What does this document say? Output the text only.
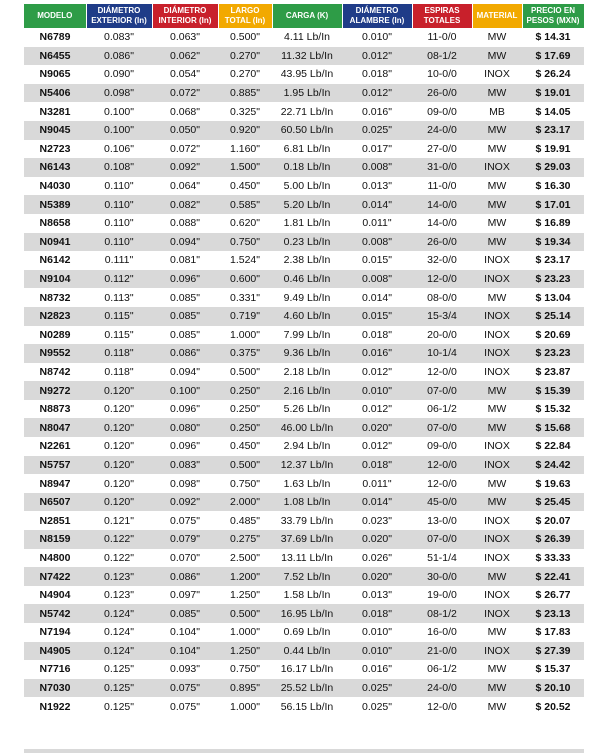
MODELO	DIÁMETRO EXTERIOR (In)	DIÁMETRO INTERIOR (In)	LARGO TOTAL (In)	CARGA (K)	DIÁMETRO ALAMBRE (In)	ESPIRAS TOTALES	MATERIAL	PRECIO EN PESOS (MXN)
N6789	0.083"	0.063"	0.500"	4.11 Lb/In	0.010"	11-0/0	MW	$ 14.31
N6455	0.086"	0.062"	0.270"	11.32 Lb/In	0.012"	08-1/2	MW	$ 17.69
N9065	0.090"	0.054"	0.270"	43.95 Lb/In	0.018"	10-0/0	INOX	$ 26.24
N5406	0.098"	0.072"	0.885"	1.95 Lb/In	0.012"	26-0/0	MW	$ 19.01
N3281	0.100"	0.068"	0.325"	22.71 Lb/In	0.016"	09-0/0	MB	$ 14.05
N9045	0.100"	0.050"	0.920"	60.50 Lb/In	0.025"	24-0/0	MW	$ 23.17
N2723	0.106"	0.072"	1.160"	6.81 Lb/In	0.017"	27-0/0	MW	$ 19.91
N6143	0.108"	0.092"	1.500"	0.18 Lb/In	0.008"	31-0/0	INOX	$ 29.03
N4030	0.110"	0.064"	0.450"	5.00 Lb/In	0.013"	11-0/0	MW	$ 16.30
N5389	0.110"	0.082"	0.585"	5.20 Lb/In	0.014"	14-0/0	MW	$ 17.01
N8658	0.110"	0.088"	0.620"	1.81 Lb/In	0.011"	14-0/0	MW	$ 16.89
N0941	0.110"	0.094"	0.750"	0.23 Lb/In	0.008"	26-0/0	MW	$ 19.34
N6142	0.111"	0.081"	1.524"	2.38 Lb/In	0.015"	32-0/0	INOX	$ 23.17
N9104	0.112"	0.096"	0.600"	0.46 Lb/In	0.008"	12-0/0	INOX	$ 23.23
N8732	0.113"	0.085"	0.331"	9.49 Lb/In	0.014"	08-0/0	MW	$ 13.04
N2823	0.115"	0.085"	0.719"	4.60 Lb/In	0.015"	15-3/4	INOX	$ 25.14
N0289	0.115"	0.085"	1.000"	7.99 Lb/In	0.018"	20-0/0	INOX	$ 20.69
N9552	0.118"	0.086"	0.375"	9.36 Lb/In	0.016"	10-1/4	INOX	$ 23.23
N8742	0.118"	0.094"	0.500"	2.18 Lb/In	0.012"	12-0/0	INOX	$ 23.87
N9272	0.120"	0.100"	0.250"	2.16 Lb/In	0.010"	07-0/0	MW	$ 15.39
N8873	0.120"	0.096"	0.250"	5.26 Lb/In	0.012"	06-1/2	MW	$ 15.32
N8047	0.120"	0.080"	0.250"	46.00 Lb/In	0.020"	07-0/0	MW	$ 15.68
N2261	0.120"	0.096"	0.450"	2.94 Lb/In	0.012"	09-0/0	INOX	$ 22.84
N5757	0.120"	0.083"	0.500"	12.37 Lb/In	0.018"	12-0/0	INOX	$ 24.42
N8947	0.120"	0.098"	0.750"	1.63 Lb/In	0.011"	12-0/0	MW	$ 19.63
N6507	0.120"	0.092"	2.000"	1.08 Lb/In	0.014"	45-0/0	MW	$ 25.45
N2851	0.121"	0.075"	0.485"	33.79 Lb/In	0.023"	13-0/0	INOX	$ 20.07
N8159	0.122"	0.079"	0.275"	37.69 Lb/In	0.020"	07-0/0	INOX	$ 26.39
N4800	0.122"	0.070"	2.500"	13.11 Lb/In	0.026"	51-1/4	INOX	$ 33.33
N7422	0.123"	0.086"	1.200"	7.52 Lb/In	0.020"	30-0/0	MW	$ 22.41
N4904	0.123"	0.097"	1.250"	1.58 Lb/In	0.013"	19-0/0	INOX	$ 26.77
N5742	0.124"	0.085"	0.500"	16.95 Lb/In	0.018"	08-1/2	INOX	$ 23.13
N7194	0.124"	0.104"	1.000"	0.69 Lb/In	0.010"	16-0/0	MW	$ 17.83
N4905	0.124"	0.104"	1.250"	0.44 Lb/In	0.010"	21-0/0	INOX	$ 27.39
N7716	0.125"	0.093"	0.750"	16.17 Lb/In	0.016"	06-1/2	MW	$ 15.37
N7030	0.125"	0.075"	0.895"	25.52 Lb/In	0.025"	24-0/0	MW	$ 20.10
N1922	0.125"	0.075"	1.000"	56.15 Lb/In	0.025"	12-0/0	MW	$ 20.52
